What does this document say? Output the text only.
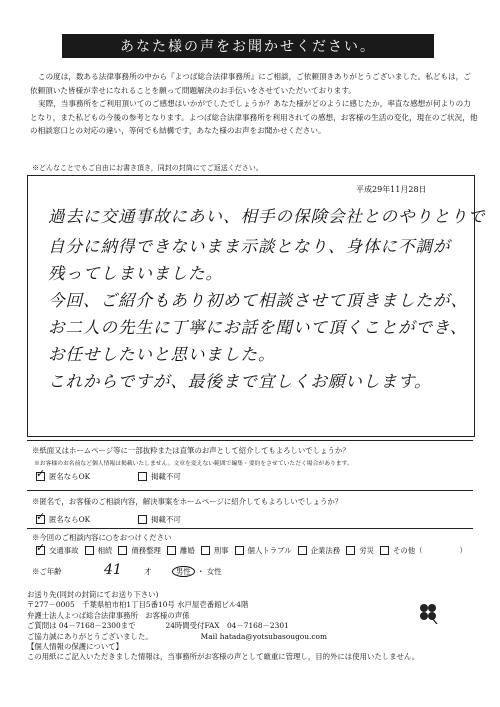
あなた様の声をお聞かせください。

この度は，数ある法律事務所の中から『よつば総合法律事務所』にご相談，ご依頼頂きありがとうございました。私どもは，ご依頼頂いた皆様が幸せになれることを願って問題解決のお手伝いをさせていただいております。

実際，当事務所をご利用頂いてのご感想はいかがでしたでしょうか？あなた様がどのように感じたか，率直な感想が何よりの力となり，また私どもの今後の参考となります。よつば総合法律事務所を利用されての感想，お客様の生活の変化，現在のご状況，他の相談窓口との対応の違い，等何でも結構です，あなた様のお声をお聞かせください。

※どんなことでもご自由にお書き頂き，同封の封筒にてご返送ください。
平成29年11月28日
過去に交通事故にあい、相手の保険会社とのやりとりで
自分に納得できないまま示談となり、身体に不調が
残ってしまいました。
今回、ご紹介もあり初めて相談させて頂きましたが、
お二人の先生に丁寧にお話を聞いて頂くことができ、
お任せしたいと思いました。
これからですが、最後まで宜しくお願いします。
※紙面又はホームページ等に一部抜粋または直筆のお声として紹介してもよろしいでしょうか？
※お客様のお名前など個人情報は掲載いたしません。文章を変えない範囲で編集・要約をさせていただく場合があります。
✓
匿名ならOK	掲載不可
※匿名で，お客様のご相談内容，解決事案をホームページに紹介してもよろしいでしょうか？
✓
匿名ならOK	掲載不可
※今回のご相談内容に○をおつけください
✓
交通事故	相続	債務整理	離婚	刑事	個人トラブル	企業法務	労災	その他（　　　　　）
※ご年齢	41	才	男性 ・ 女性
お送り先(同封の封筒にてお送り下さい)
〒277－0005　千葉県柏市柏1丁目5番10号 水戸屋壱番館ビル4階
弁護士法人よつば総合法律事務所　お客様の声係
ご質問は 04－7168－2300まで	24時間受付FAX　04－7168－2301
ご協力誠にありがとうございました。	Mail hatada@yotsubasougou.com
【個人情報の保護について】
この用紙にご記入いただきました情報は，当事務所がお客様の声として厳重に管理し，目的外には使用いたしません。
